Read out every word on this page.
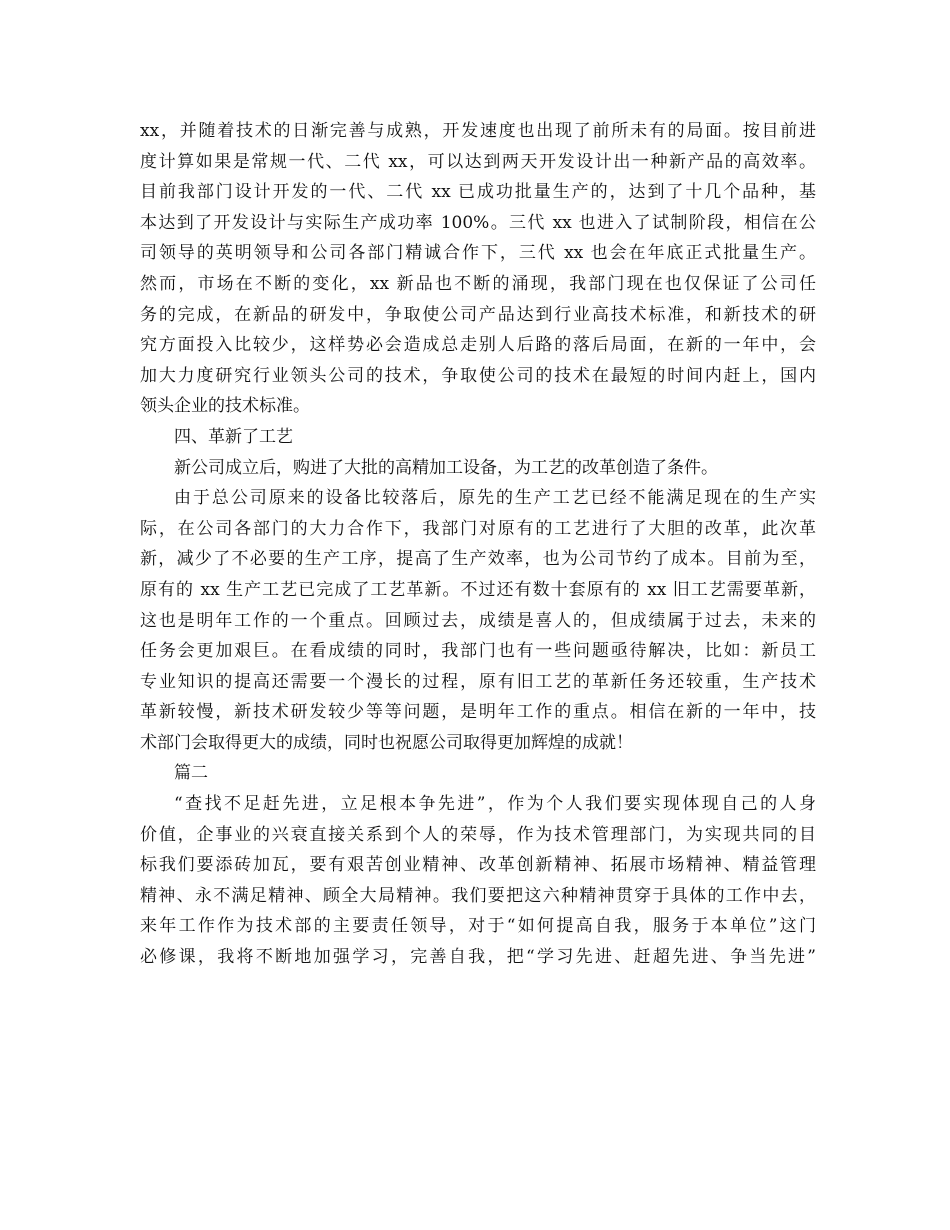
xx，并随着技术的日渐完善与成熟，开发速度也出现了前所未有的局面。按目前进
度计算如果是常规一代、二代 xx，可以达到两天开发设计出一种新产品的高效率。
目前我部门设计开发的一代、二代 xx 已成功批量生产的，达到了十几个品种，基
本达到了开发设计与实际生产成功率 100%。三代 xx 也进入了试制阶段，相信在公
司领导的英明领导和公司各部门精诚合作下，三代 xx 也会在年底正式批量生产。
然而，市场在不断的变化，xx 新品也不断的涌现，我部门现在也仅保证了公司任
务的完成，在新品的研发中，争取使公司产品达到行业高技术标准，和新技术的研
究方面投入比较少，这样势必会造成总走别人后路的落后局面，在新的一年中，会
加大力度研究行业领头公司的技术，争取使公司的技术在最短的时间内赶上，国内
领头企业的技术标准。
四、革新了工艺
新公司成立后，购进了大批的高精加工设备，为工艺的改革创造了条件。
由于总公司原来的设备比较落后，原先的生产工艺已经不能满足现在的生产实
际，在公司各部门的大力合作下，我部门对原有的工艺进行了大胆的改革，此次革
新，减少了不必要的生产工序，提高了生产效率，也为公司节约了成本。目前为至，
原有的 xx 生产工艺已完成了工艺革新。不过还有数十套原有的 xx 旧工艺需要革新，
这也是明年工作的一个重点。回顾过去，成绩是喜人的，但成绩属于过去，未来的
任务会更加艰巨。在看成绩的同时，我部门也有一些问题亟待解决，比如：新员工
专业知识的提高还需要一个漫长的过程，原有旧工艺的革新任务还较重，生产技术
革新较慢，新技术研发较少等等问题，是明年工作的重点。相信在新的一年中，技
术部门会取得更大的成绩，同时也祝愿公司取得更加辉煌的成就！
篇二
“查找不足赶先进，立足根本争先进”，作为个人我们要实现体现自己的人身
价值，企事业的兴衰直接关系到个人的荣辱，作为技术管理部门，为实现共同的目
标我们要添砖加瓦，要有艰苦创业精神、改革创新精神、拓展市场精神、精益管理
精神、永不满足精神、顾全大局精神。我们要把这六种精神贯穿于具体的工作中去，
来年工作作为技术部的主要责任领导，对于“如何提高自我，服务于本单位”这门
必修课，我将不断地加强学习，完善自我，把“学习先进、赶超先进、争当先进”
